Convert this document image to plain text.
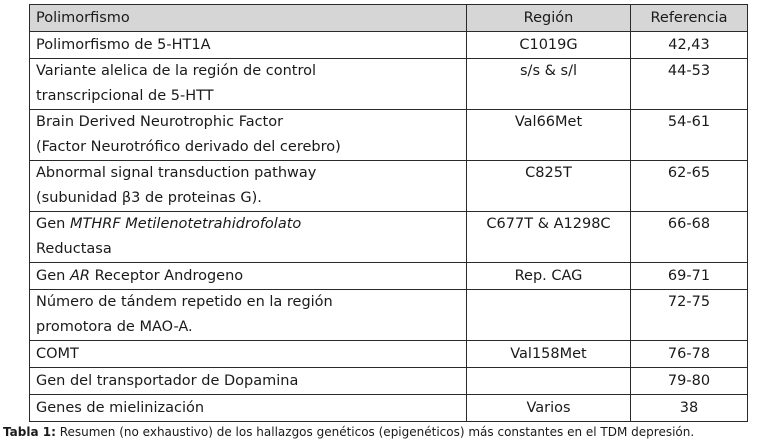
Polimorfismo	Región	Referencia

Polimorfismo de 5-HT1A	C1019G	42,43

Variante alelica de la región de control
transcripcional de 5-HTT	s/s & s/l	44-53

Brain Derived Neurotrophic Factor
(Factor Neurotrófico derivado del cerebro)	Val66Met	54-61

Abnormal signal transduction pathway
(subunidad β3 de proteinas G).	C825T	62-65

Gen MTHRF Metilenotetrahidrofolato
Reductasa	C677T & A1298C	66-68

Gen AR Receptor Androgeno	Rep. CAG	69-71

Número de tándem repetido en la región
promotora de MAO-A.		72-75

COMT	Val158Met	76-78

Gen del transportador de Dopamina		79-80

Genes de mielinización	Varios	38
Tabla 1: Resumen (no exhaustivo) de los hallazgos genéticos (epigenéticos) más constantes en el TDM depresión.
